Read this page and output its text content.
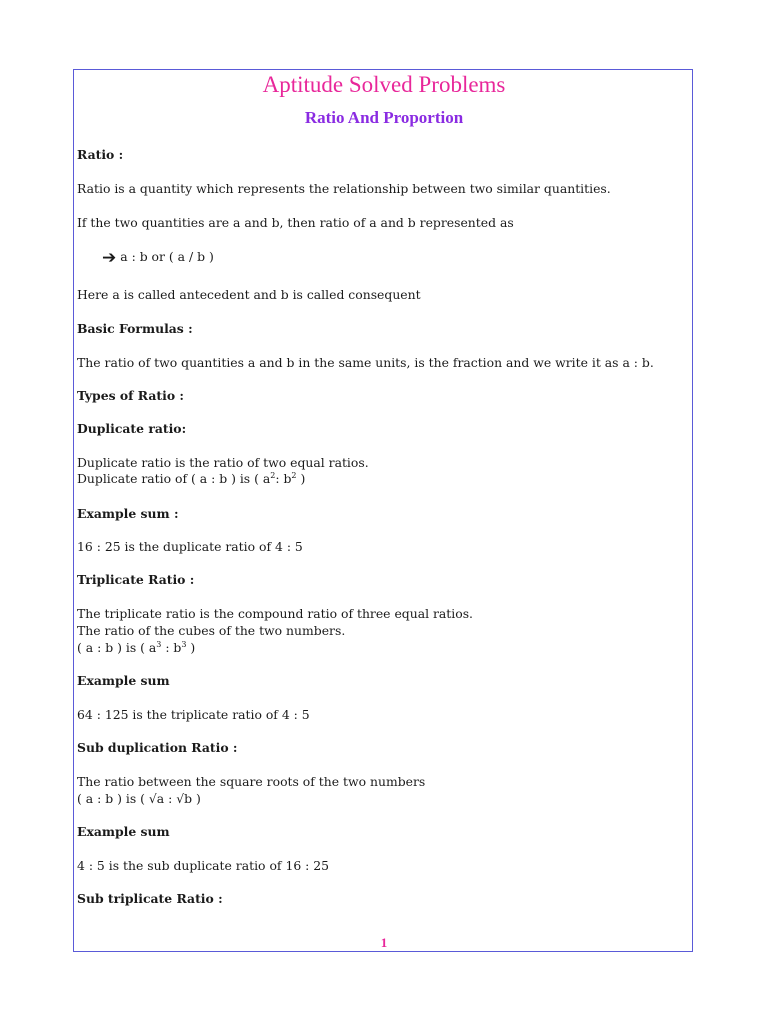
Aptitude Solved Problems
Ratio And Proportion
Ratio :
Ratio is a quantity which represents the relationship between two similar quantities.
If the two quantities are a and b, then ratio of a and b represented as
➔ a : b or ( a / b )
Here a is called antecedent and b is called consequent
Basic Formulas :
The ratio of two quantities a and b in the same units, is the fraction and we write it as a : b.
Types of Ratio :
Duplicate ratio:
Duplicate ratio is the ratio of two equal ratios.
Duplicate ratio of ( a : b ) is ( $a^2$: $b^2$ )
Example sum :
16 : 25 is the duplicate ratio of 4 : 5
Triplicate Ratio :
The triplicate ratio is the compound ratio of three equal ratios.
The ratio of the cubes of the two numbers.
( a : b ) is ( $a^3$ : $b^3$ )
Example sum
64 : 125 is the triplicate ratio of 4 : 5
Sub duplication Ratio :
The ratio between the square roots of the two numbers
( a : b ) is ( √a : √b )
Example sum
4 : 5 is the sub duplicate ratio of 16 : 25
Sub triplicate Ratio :
1
